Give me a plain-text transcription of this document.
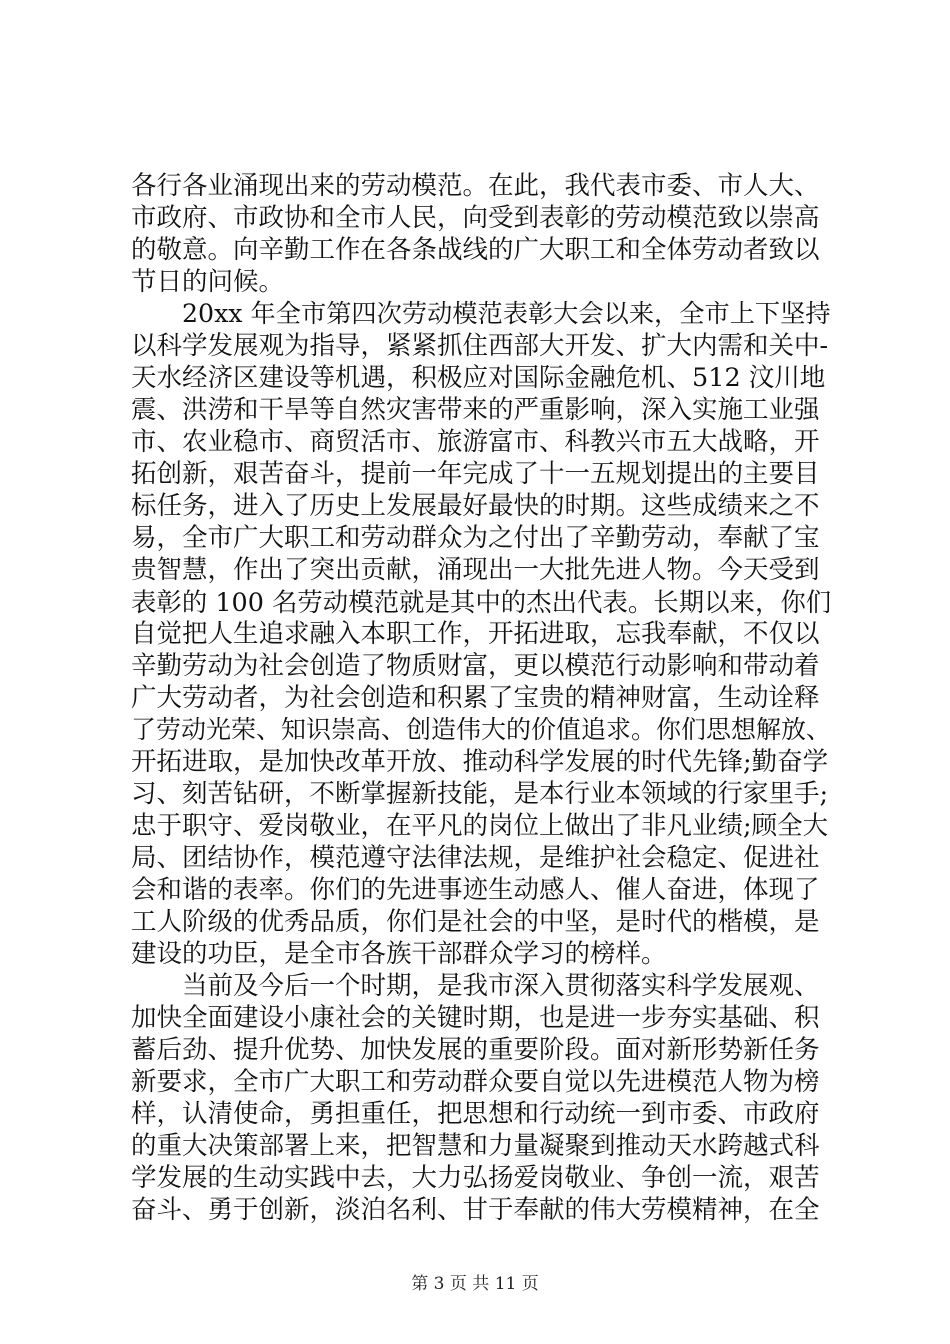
各行各业涌现出来的劳动模范。在此，我代表市委、市人大、
市政府、市政协和全市人民，向受到表彰的劳动模范致以崇高
的敬意。向辛勤工作在各条战线的广大职工和全体劳动者致以
节日的问候。
20xx 年全市第四次劳动模范表彰大会以来，全市上下坚持
以科学发展观为指导，紧紧抓住西部大开发、扩大内需和关中-
天水经济区建设等机遇，积极应对国际金融危机、512 汶川地
震、洪涝和干旱等自然灾害带来的严重影响，深入实施工业强
市、农业稳市、商贸活市、旅游富市、科教兴市五大战略，开
拓创新，艰苦奋斗，提前一年完成了十一五规划提出的主要目
标任务，进入了历史上发展最好最快的时期。这些成绩来之不
易，全市广大职工和劳动群众为之付出了辛勤劳动，奉献了宝
贵智慧，作出了突出贡献，涌现出一大批先进人物。今天受到
表彰的 100 名劳动模范就是其中的杰出代表。长期以来，你们
自觉把人生追求融入本职工作，开拓进取，忘我奉献，不仅以
辛勤劳动为社会创造了物质财富，更以模范行动影响和带动着
广大劳动者，为社会创造和积累了宝贵的精神财富，生动诠释
了劳动光荣、知识崇高、创造伟大的价值追求。你们思想解放、
开拓进取，是加快改革开放、推动科学发展的时代先锋;勤奋学
习、刻苦钻研，不断掌握新技能，是本行业本领域的行家里手;
忠于职守、爱岗敬业，在平凡的岗位上做出了非凡业绩;顾全大
局、团结协作，模范遵守法律法规，是维护社会稳定、促进社
会和谐的表率。你们的先进事迹生动感人、催人奋进，体现了
工人阶级的优秀品质，你们是社会的中坚，是时代的楷模，是
建设的功臣，是全市各族干部群众学习的榜样。
当前及今后一个时期，是我市深入贯彻落实科学发展观、
加快全面建设小康社会的关键时期，也是进一步夯实基础、积
蓄后劲、提升优势、加快发展的重要阶段。面对新形势新任务
新要求，全市广大职工和劳动群众要自觉以先进模范人物为榜
样，认清使命，勇担重任，把思想和行动统一到市委、市政府
的重大决策部署上来，把智慧和力量凝聚到推动天水跨越式科
学发展的生动实践中去，大力弘扬爱岗敬业、争创一流，艰苦
奋斗、勇于创新，淡泊名利、甘于奉献的伟大劳模精神，在全
第 3 页 共 11 页
